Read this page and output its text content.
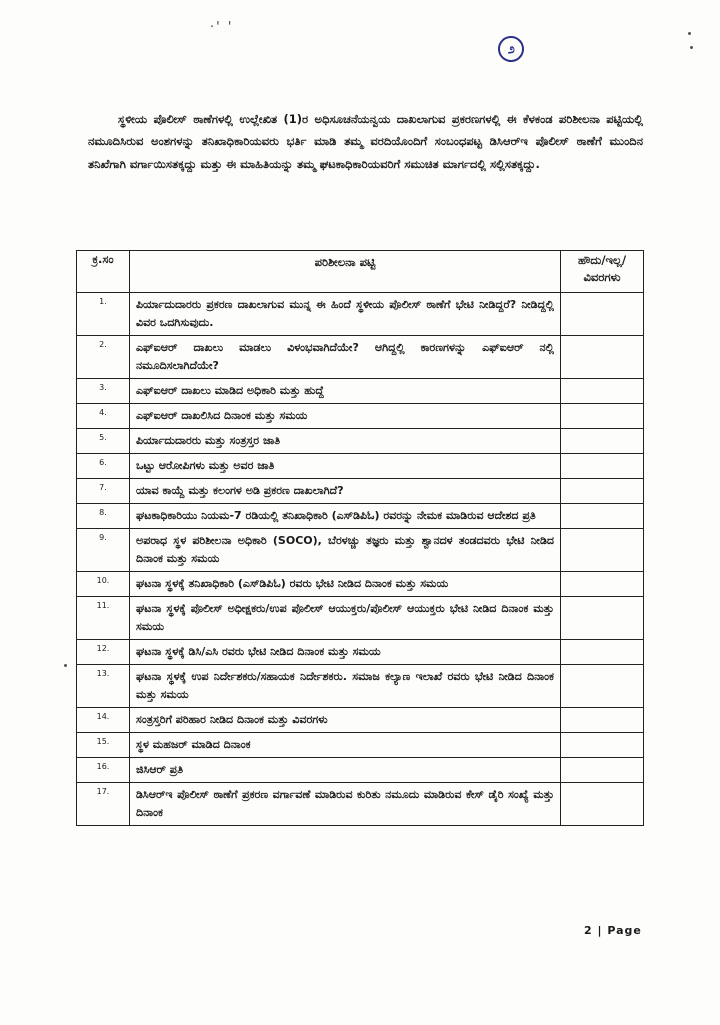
·' '
೨

ಸ್ಥಳೀಯ ಪೊಲೀಸ್ ಠಾಣೆಗಳಲ್ಲಿ ಉಲ್ಲೇಖಿತ (1)ರ ಅಧಿಸೂಚನೆಯನ್ವಯ ದಾಖಲಾಗುವ ಪ್ರಕರಣಗಳಲ್ಲಿ ಈ ಕೆಳಕಂಡ ಪರಿಶೀಲನಾ ಪಟ್ಟಿಯಲ್ಲಿ ನಮೂದಿಸಿರುವ ಅಂಶಗಳನ್ನು ತನಿಖಾಧಿಕಾರಿಯವರು ಭರ್ತಿ ಮಾಡಿ ತಮ್ಮ ವರದಿಯೊಂದಿಗೆ ಸಂಬಂಧಪಟ್ಟ ಡಿಸಿಆರ್‌ಇ ಪೊಲೀಸ್ ಠಾಣೆಗೆ ಮುಂದಿನ ತನಿಖೆಗಾಗಿ ವರ್ಗಾಯಿಸತಕ್ಕದ್ದು ಮತ್ತು ಈ ಮಾಹಿತಿಯನ್ನು ತಮ್ಮ ಘಟಕಾಧಿಕಾರಿಯವರಿಗೆ ಸಮುಚಿತ ಮಾರ್ಗದಲ್ಲಿ ಸಲ್ಲಿಸತಕ್ಕದ್ದು.

ಕ್ರ.ಸಂ	ಪರಿಶೀಲನಾ ಪಟ್ಟಿ	ಹೌದು/ಇಲ್ಲ/
ವಿವರಗಳು

1.	ಪಿರ್ಯಾದುದಾರರು ಪ್ರಕರಣ ದಾಖಲಾಗುವ ಮುನ್ನ ಈ ಹಿಂದೆ ಸ್ಥಳೀಯ ಪೊಲೀಸ್ ಠಾಣೆಗೆ ಭೇಟಿ ನೀಡಿದ್ದರೆ? ನೀಡಿದ್ದಲ್ಲಿ ವಿವರ ಒದಗಿಸುವುದು.	
2.	ಎಫ್‌ಐಆರ್ ದಾಖಲು ಮಾಡಲು ವಿಳಂಭವಾಗಿದೆಯೇ? ಆಗಿದ್ದಲ್ಲಿ ಕಾರಣಗಳನ್ನು ಎಫ್‌ಐಆರ್ ನಲ್ಲಿ ನಮೂದಿಸಲಾಗಿದೆಯೇ?	
3.	ಎಫ್‌ಐಆರ್ ದಾಖಲು ಮಾಡಿದ ಅಧಿಕಾರಿ ಮತ್ತು ಹುದ್ದೆ	
4.	ಎಫ್‌ಐಆರ್ ದಾಖಲಿಸಿದ ದಿನಾಂಕ ಮತ್ತು ಸಮಯ	
5.	ಪಿರ್ಯಾದುದಾರರು ಮತ್ತು ಸಂತ್ರಸ್ತರ ಜಾತಿ	
6.	ಒಟ್ಟು ಆರೋಪಿಗಳು ಮತ್ತು ಅವರ ಜಾತಿ	
7.	ಯಾವ ಕಾಯ್ದೆ ಮತ್ತು ಕಲಂಗಳ ಅಡಿ ಪ್ರಕರಣ ದಾಖಲಾಗಿದೆ?	
8.	ಘಟಕಾಧಿಕಾರಿಯು ನಿಯಮ-7 ರಡಿಯಲ್ಲಿ ತನಿಖಾಧಿಕಾರಿ (ಎಸ್‌ಡಿಪಿಓ) ರವರನ್ನು ನೇಮಕ ಮಾಡಿರುವ ಆದೇಶದ ಪ್ರತಿ	
9.	ಅಪರಾಧ ಸ್ಥಳ ಪರಿಶೀಲನಾ ಅಧಿಕಾರಿ (SOCO), ಬೆರಳಚ್ಚು ತಜ್ಞರು ಮತ್ತು ಶ್ವಾನದಳ ತಂಡದವರು ಭೇಟಿ ನೀಡಿದ ದಿನಾಂಕ ಮತ್ತು ಸಮಯ	
10.	ಘಟನಾ ಸ್ಥಳಕ್ಕೆ ತನಿಖಾಧಿಕಾರಿ (ಎಸ್‌ಡಿಪಿಓ) ರವರು ಭೇಟಿ ನೀಡಿದ ದಿನಾಂಕ ಮತ್ತು ಸಮಯ	
11.	ಘಟನಾ ಸ್ಥಳಕ್ಕೆ ಪೊಲೀಸ್ ಅಧೀಕ್ಷಕರು/ಉಪ ಪೊಲೀಸ್ ಆಯುಕ್ತರು/ಪೊಲೀಸ್ ಆಯುಕ್ತರು ಭೇಟಿ ನೀಡಿದ ದಿನಾಂಕ ಮತ್ತು ಸಮಯ	
12.	ಘಟನಾ ಸ್ಥಳಕ್ಕೆ ಡಿಸಿ/ಎಸಿ ರವರು ಭೇಟಿ ನೀಡಿದ ದಿನಾಂಕ ಮತ್ತು ಸಮಯ	
13.	ಘಟನಾ ಸ್ಥಳಕ್ಕೆ ಉಪ ನಿರ್ದೇಶಕರು/ಸಹಾಯಕ ನಿರ್ದೇಶಕರು. ಸಮಾಜ ಕಲ್ಯಾಣ ಇಲಾಖೆ ರವರು ಭೇಟಿ ನೀಡಿದ ದಿನಾಂಕ ಮತ್ತು ಸಮಯ	
14.	ಸಂತ್ರಸ್ತರಿಗೆ ಪರಿಹಾರ ನೀಡಿದ ದಿನಾಂಕ ಮತ್ತು ವಿವರಗಳು	
15.	ಸ್ಥಳ ಮಹಜರ್ ಮಾಡಿದ ದಿನಾಂಕ	
16.	ಜಿಸಿಆರ್ ಪ್ರತಿ	
17.	ಡಿಸಿಆರ್‌ಇ ಪೊಲೀಸ್ ಠಾಣೆಗೆ ಪ್ರಕರಣ ವರ್ಗಾವಣೆ ಮಾಡಿರುವ ಕುರಿತು ನಮೂದು ಮಾಡಿರುವ ಕೇಸ್ ಡೈರಿ ಸಂಖ್ಯೆ ಮತ್ತು ದಿನಾಂಕ	
2 | Page
